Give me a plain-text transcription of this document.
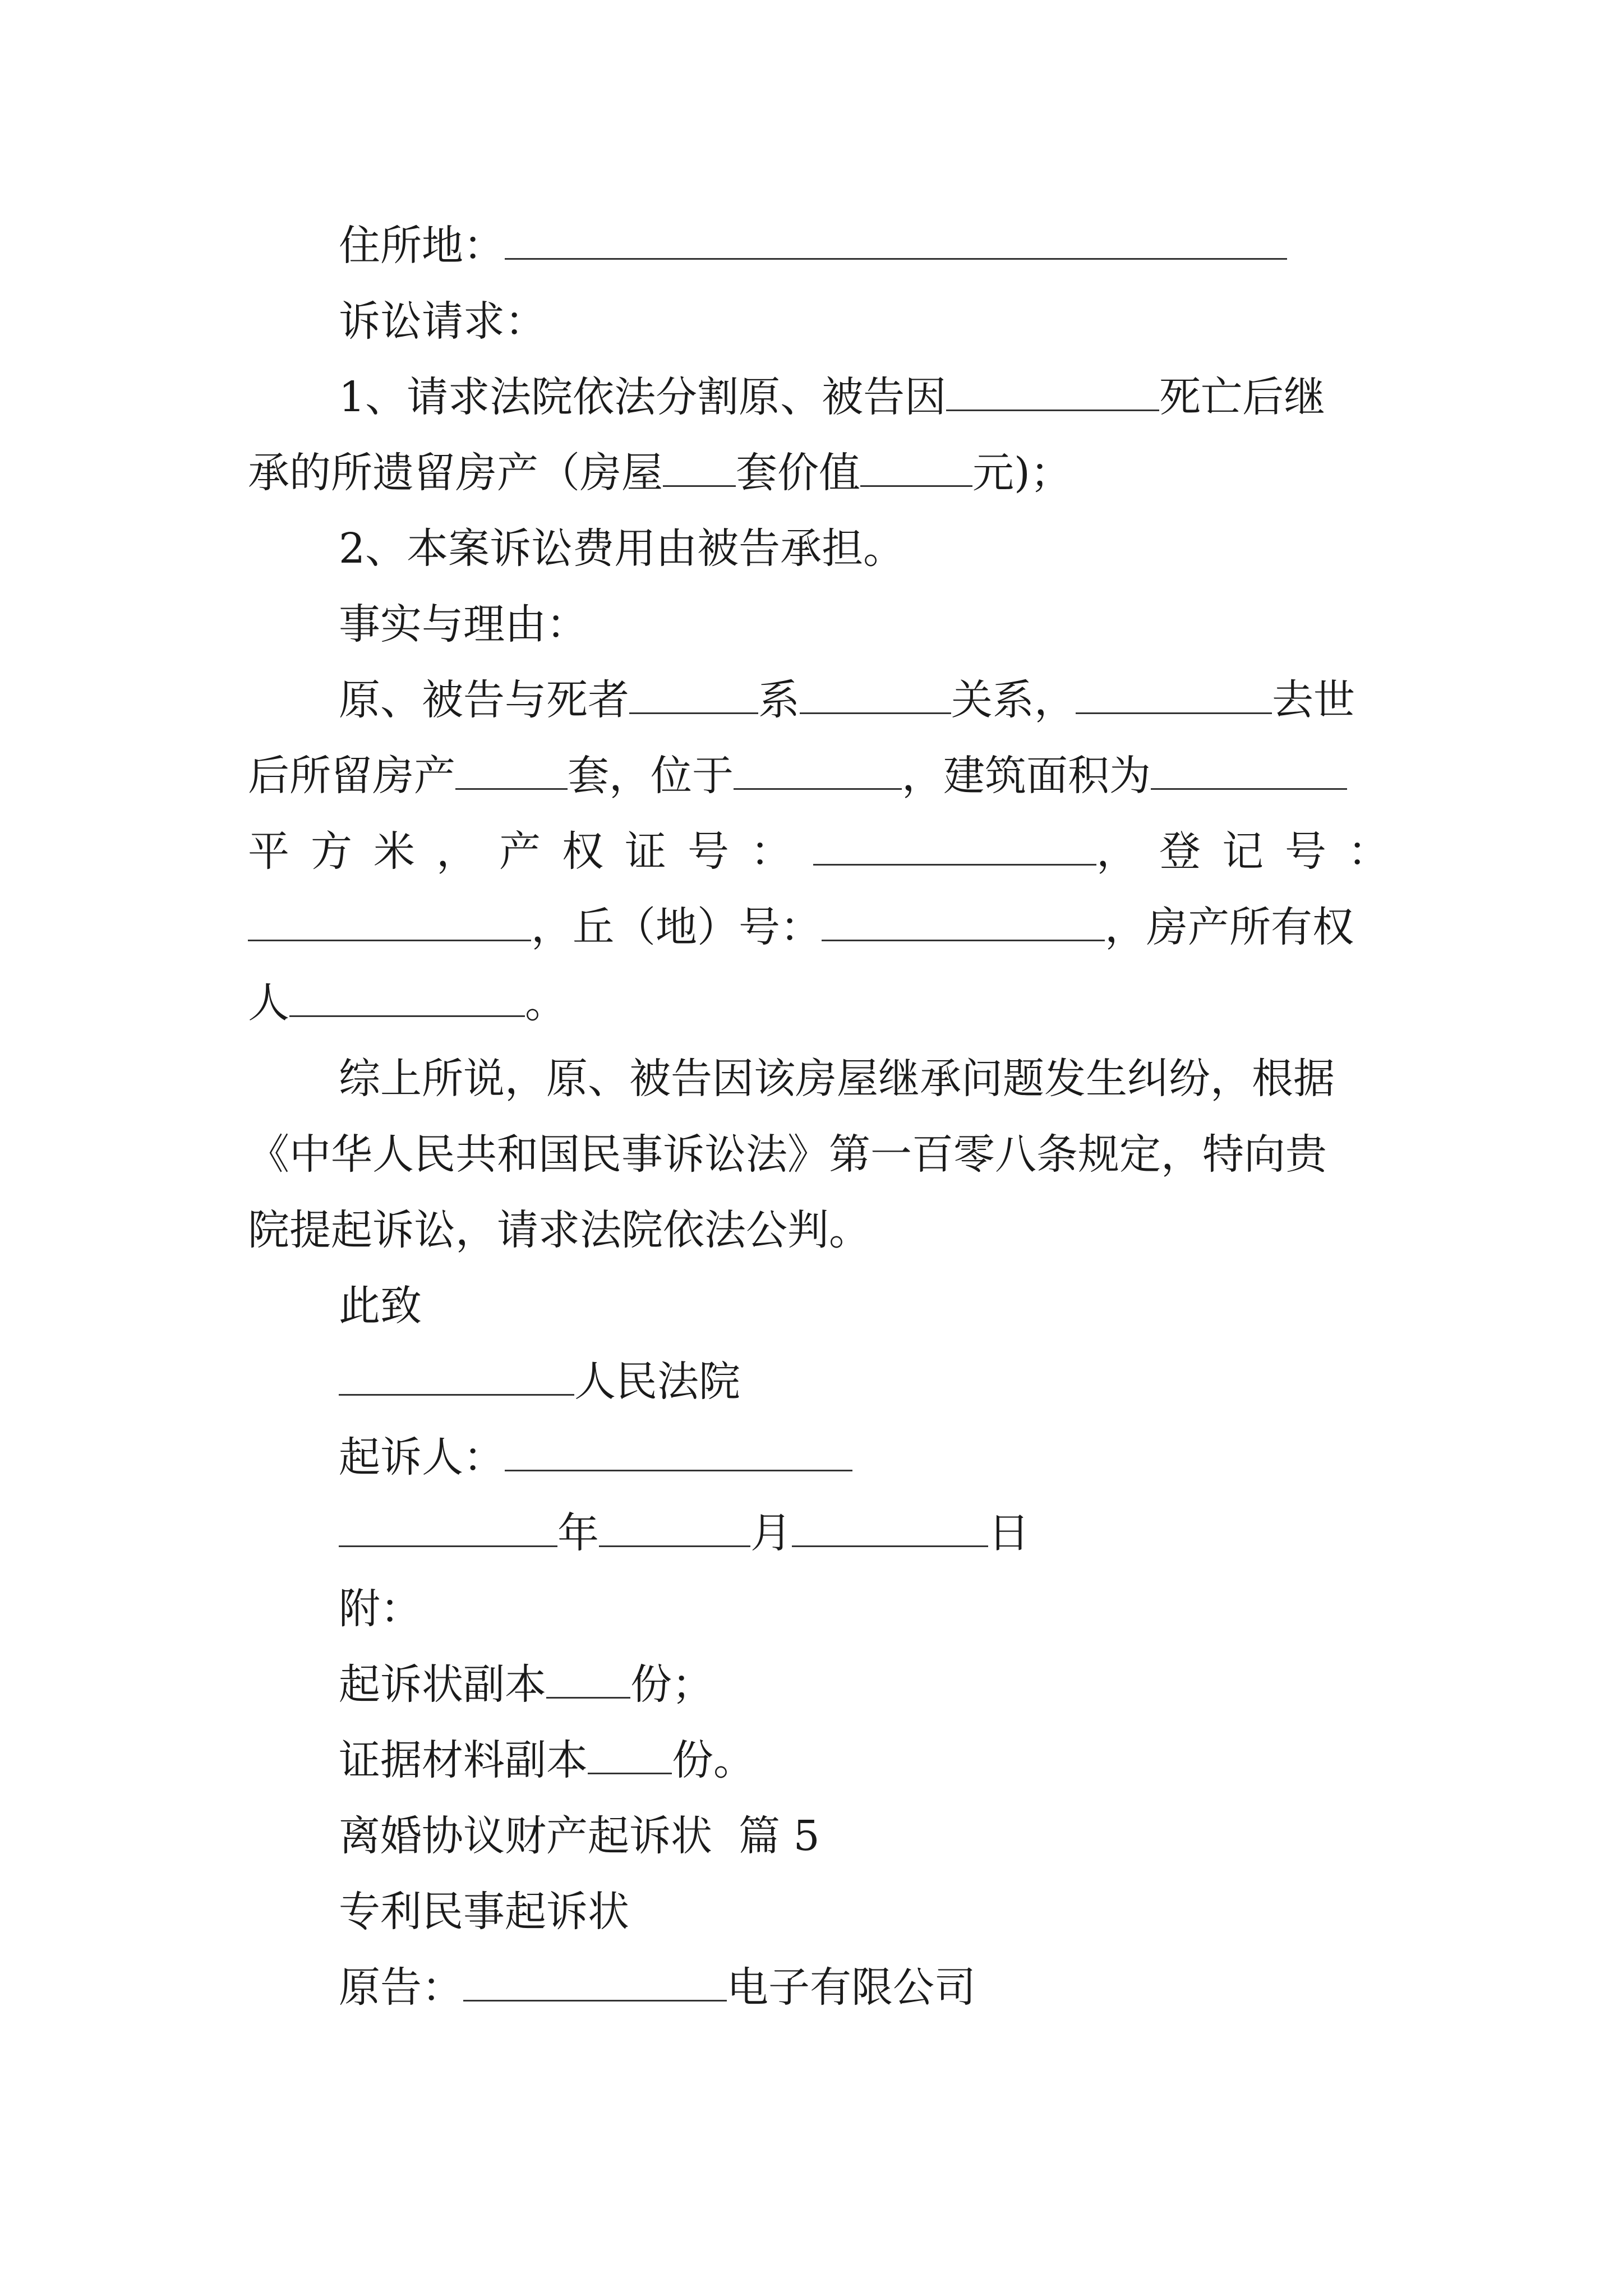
住所地：
诉讼请求：
1、请求法院依法分割原、被告因	死亡后继
承的所遗留房产（房屋 套价值	元)；
2、本案诉讼费用由被告承担。
事实与理由：
原、被告与死者	系	关系，	去世
后所留房产	套，位于	，建筑面积为
平方米，产权证号：	，登记号：
，丘（地）号：	，房产所有权
人	。
综上所说，原、被告因该房屋继承问题发生纠纷，根据
《中华人民共和国民事诉讼法》第一百零八条规定，特向贵
院提起诉讼，请求法院依法公判。
此致
人民法院
起诉人：
年	月	日
附：
起诉状副本 份；
证据材料副本 份。
离婚协议财产起诉状  篇 5
专利民事起诉状
原告：	电子有限公司
